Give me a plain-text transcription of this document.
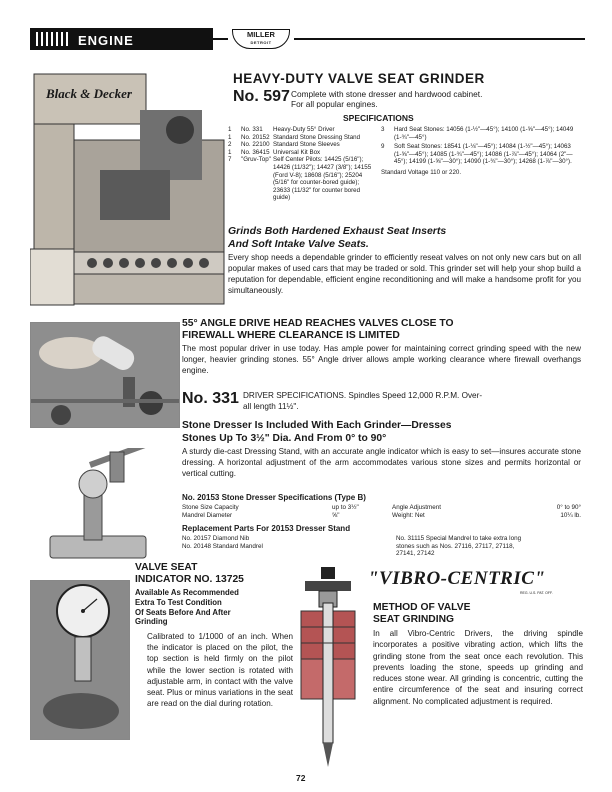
ENGINE	MILLER
DETROIT
Black & Decker
HEAVY-DUTY VALVE SEAT GRINDER
No. 597 Complete with stone dresser and hardwood cabinet.
For all popular engines.
SPECIFICATIONS
1	No. 331	Heavy-Duty 55° Driver
1	No. 20152 Standard Stone Dressing Stand
2	No. 22100 Standard Stone Sleeves
1	No. 36415 Universal Kit Box
7	"Gruv-Top" Self Center Pilots: 14425 (5/16"); 14426 (11/32"); 14427 (3/8"); 14155 (Ford V-8); 18608 (5/16"); 25204 (5/16" for counter-bored guide); 23633 (11/32" for counter bored guide)
3	Hard Seat Stones: 14056 (1-½"—45°); 14100 (1-⅝"—45°); 14049 (1-¾"—45°)
9	Soft Seat Stones: 18541 (1-⅛"—45°); 14084 (1-½"—45°); 14063 (1-⅝"—45°); 14085 (1-¾"—45°); 14086 (1-⅞"—45°); 14064 (2"—45°); 14199 (1-⅝"—30°); 14090 (1-¾"—30°); 14268 (1-⅞"—30°).
Standard Voltage 110 or 220.
Grinds Both Hardened Exhaust Seat Inserts
And Soft Intake Valve Seats.
Every shop needs a dependable grinder to efficiently reseat valves on not only new cars but on all popular makes of used cars that may be traded or sold. This grinder set will help your shop build a reputation for dependable, efficient engine reconditioning and will make a handsome profit for you simultaneously.
55° ANGLE DRIVE HEAD REACHES VALVES CLOSE TO
FIREWALL WHERE CLEARANCE IS LIMITED
The most popular driver in use today. Has ample power for maintaining correct grinding speed with the new longer, heavier grinding stones. 55° Angle driver allows ample working clearance where firewall overhangs engine.
No. 331 DRIVER SPECIFICATIONS. Spindles Speed 12,000 R.P.M. Over-
all length 11½".
Stone Dresser Is Included With Each Grinder—Dresses
Stones Up To 3½" Dia. And From 0° to 90°
A sturdy die-cast Dressing Stand, with an accurate angle indicator which is easy to set—insures accurate stone dressing. A horizontal adjustment of the arm accommodates various stone sizes and permits horizontal or vertical cutting.
No. 20153 Stone Dresser Specifications (Type B)
Stone Size Capacity	up to 3½"	Angle Adjustment	0° to 90°
Mandrel Diameter	⅝"	Weight: Net	10¼ lb.
Replacement Parts For 20153 Dresser Stand
No. 20157 Diamond Nib
No. 20148 Standard Mandrel
No. 31115 Special Mandrel to take extra long stones such as Nos. 27116, 27117, 27118, 27141, 27142
VALVE SEAT
INDICATOR NO. 13725
Available As Recommended
Extra To Test Condition
Of Seats Before And After
Grinding
Calibrated to 1/1000 of an inch. When the indicator is placed on the pilot, the top section is held firmly on the pilot while the lower section is rotated with adjustable arm, in contact with the valve seat. Plus or minus variations in the seat are read on the dial during rotation.
"VIBRO-CENTRIC"
REG. U.S. PAT. OFF.
METHOD OF VALVE
SEAT GRINDING
In all Vibro-Centric Drivers, the driving spindle incorporates a positive vibrating action, which lifts the grinding stone from the seat once each revolution. This prevents loading the stone, speeds up grinding and reduces stone wear. All grinding is concentric, cutting the entire circumference of the seat and insuring correct alignment. No complicated adjustment is required.
72
